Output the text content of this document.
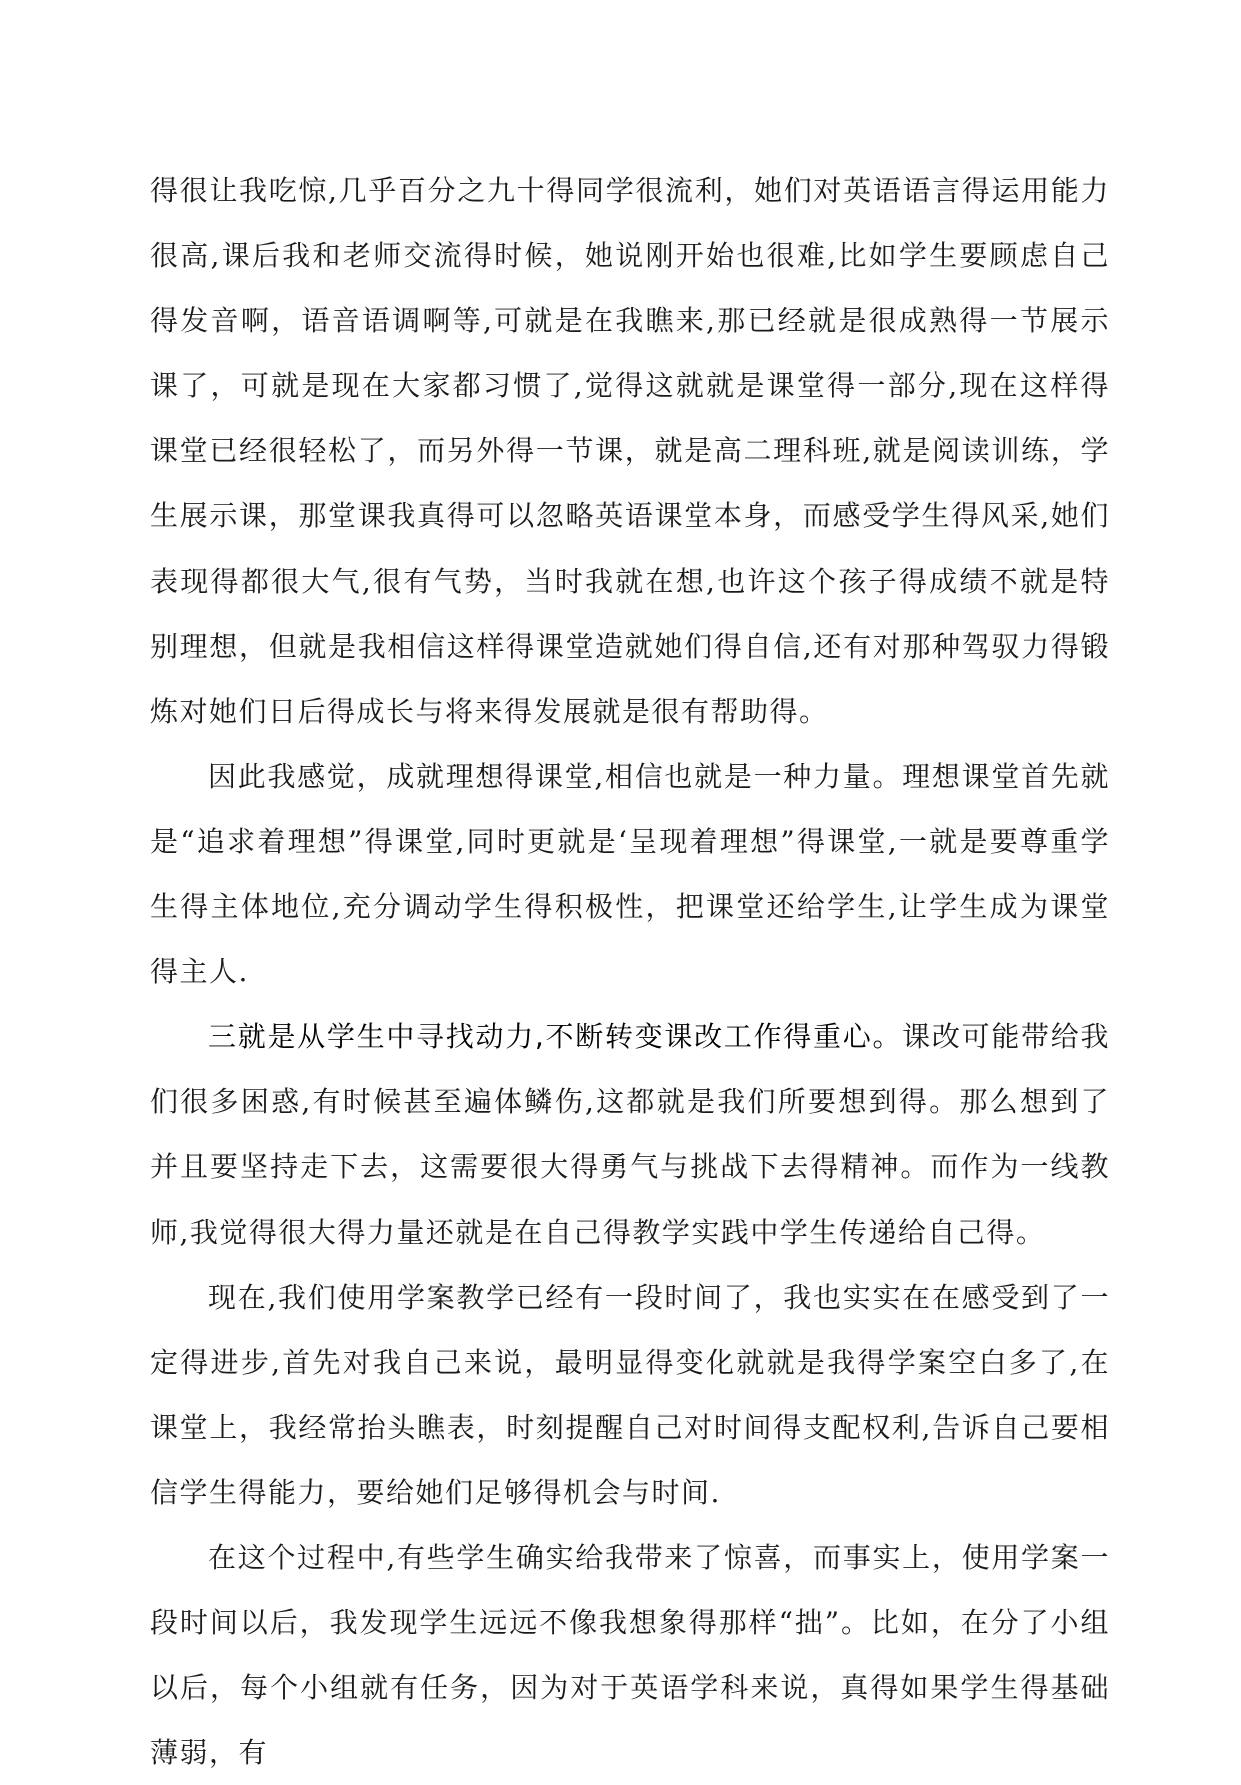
得很让我吃惊,几乎百分之九十得同学很流利，她们对英语语言得运用能力很高,课后我和老师交流得时候，她说刚开始也很难,比如学生要顾虑自己得发音啊，语音语调啊等,可就是在我瞧来,那已经就是很成熟得一节展示课了，可就是现在大家都习惯了,觉得这就就是课堂得一部分,现在这样得课堂已经很轻松了，而另外得一节课，就是高二理科班,就是阅读训练，学生展示课，那堂课我真得可以忽略英语课堂本身，而感受学生得风采,她们表现得都很大气,很有气势，当时我就在想,也许这个孩子得成绩不就是特别理想，但就是我相信这样得课堂造就她们得自信,还有对那种驾驭力得锻炼对她们日后得成长与将来得发展就是很有帮助得。

因此我感觉，成就理想得课堂,相信也就是一种力量。理想课堂首先就是“追求着理想”得课堂,同时更就是‘呈现着理想”得课堂,一就是要尊重学生得主体地位,充分调动学生得积极性，把课堂还给学生,让学生成为课堂得主人.

三就是从学生中寻找动力,不断转变课改工作得重心。课改可能带给我们很多困惑,有时候甚至遍体鳞伤,这都就是我们所要想到得。那么想到了并且要坚持走下去，这需要很大得勇气与挑战下去得精神。而作为一线教师,我觉得很大得力量还就是在自己得教学实践中学生传递给自己得。

现在,我们使用学案教学已经有一段时间了，我也实实在在感受到了一定得进步,首先对我自己来说，最明显得变化就就是我得学案空白多了,在课堂上，我经常抬头瞧表，时刻提醒自己对时间得支配权利,告诉自己要相信学生得能力，要给她们足够得机会与时间.

在这个过程中,有些学生确实给我带来了惊喜，而事实上，使用学案一段时间以后，我发现学生远远不像我想象得那样“拙”。比如，在分了小组以后，每个小组就有任务，因为对于英语学科来说，真得如果学生得基础薄弱，有
